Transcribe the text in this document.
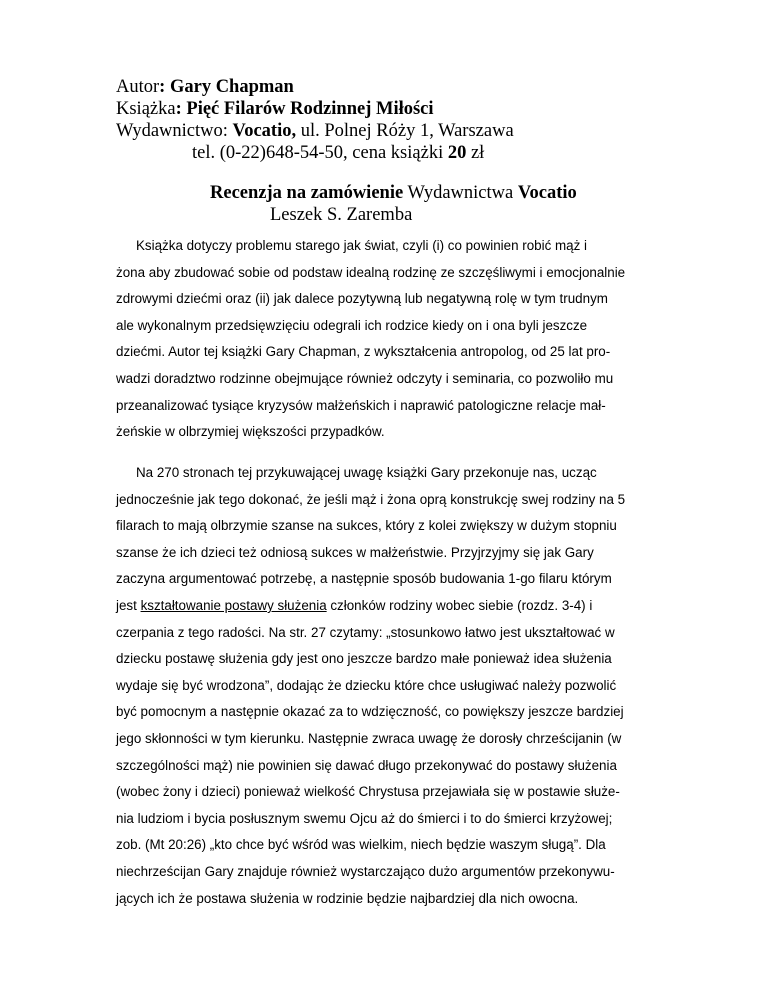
Autor: Gary Chapman
Książka: Pięć Filarów Rodzinnej Miłości
Wydawnictwo: Vocatio, ul. Polnej Róży 1, Warszawa
tel. (0-22)648-54-50, cena książki 20 zł
Recenzja na zamówienie Wydawnictwa Vocatio
Leszek S. Zaremba
Książka dotyczy problemu starego jak świat, czyli (i) co powinien robić mąż i
żona aby zbudować sobie od podstaw idealną rodzinę ze szczęśliwymi i emocjonalnie
zdrowymi dziećmi oraz (ii) jak dalece pozytywną lub negatywną rolę w tym trudnym
ale wykonalnym przedsięwzięciu odegrali ich rodzice kiedy on i ona byli jeszcze
dziećmi. Autor tej książki Gary Chapman, z wykształcenia antropolog, od 25 lat pro-
wadzi doradztwo rodzinne obejmujące również odczyty i seminaria, co pozwoliło mu
przeanalizować tysiące kryzysów małżeńskich i naprawić patologiczne relacje mał-
żeńskie w olbrzymiej większości przypadków.
Na 270 stronach tej przykuwającej uwagę książki Gary przekonuje nas, ucząc
jednocześnie jak tego dokonać, że jeśli mąż i żona oprą konstrukcję swej rodziny na 5
filarach to mają olbrzymie szanse na sukces, który z kolei zwiększy w dużym stopniu
szanse że ich dzieci też odniosą sukces w małżeństwie. Przyjrzyjmy się jak Gary
zaczyna argumentować potrzebę, a następnie sposób budowania 1-go filaru którym
jest kształtowanie postawy służenia członków rodziny wobec siebie (rozdz. 3-4) i
czerpania z tego radości. Na str. 27 czytamy: „stosunkowo łatwo jest ukształtować w
dziecku postawę służenia gdy jest ono jeszcze bardzo małe ponieważ idea służenia
wydaje się być wrodzona”, dodając że dziecku które chce usługiwać należy pozwolić
być pomocnym a następnie okazać za to wdzięczność, co powiększy jeszcze bardziej
jego skłonności w tym kierunku. Następnie zwraca uwagę że dorosły chrześcijanin (w
szczególności mąż) nie powinien się dawać długo przekonywać do postawy służenia
(wobec żony i dzieci) ponieważ wielkość Chrystusa przejawiała się w postawie służe-
nia ludziom i bycia posłusznym swemu Ojcu aż do śmierci i to do śmierci krzyżowej;
zob. (Mt 20:26) „kto chce być wśród was wielkim, niech będzie waszym sługą”. Dla
niechrześcijan Gary znajduje również wystarczająco dużo argumentów przekonywu-
jących ich że postawa służenia w rodzinie będzie najbardziej dla nich owocna.
